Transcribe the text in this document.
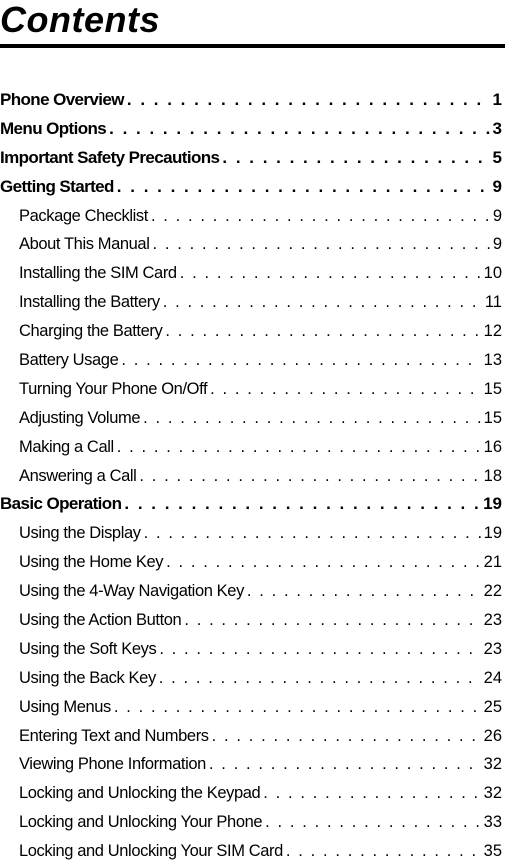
Contents
Phone Overview . . .	1
Menu Options . . .	3
Important Safety Precautions . . .	5
Getting Started . . .	9
Package Checklist . . .	9
About This Manual . . .	9
Installing the SIM Card . . .	10
Installing the Battery . . .	11
Charging the Battery . . .	12
Battery Usage . . .	13
Turning Your Phone On/Off . . .	15
Adjusting Volume . . .	15
Making a Call . . .	16
Answering a Call . . .	18
Basic Operation . . .	19
Using the Display . . .	19
Using the Home Key . . .	21
Using the 4-Way Navigation Key . . .	22
Using the Action Button . . .	23
Using the Soft Keys . . .	23
Using the Back Key . . .	24
Using Menus . . .	25
Entering Text and Numbers . . .	26
Viewing Phone Information . . .	32
Locking and Unlocking the Keypad . . .	32
Locking and Unlocking Your Phone . . .	33
Locking and Unlocking Your SIM Card . . .	35
